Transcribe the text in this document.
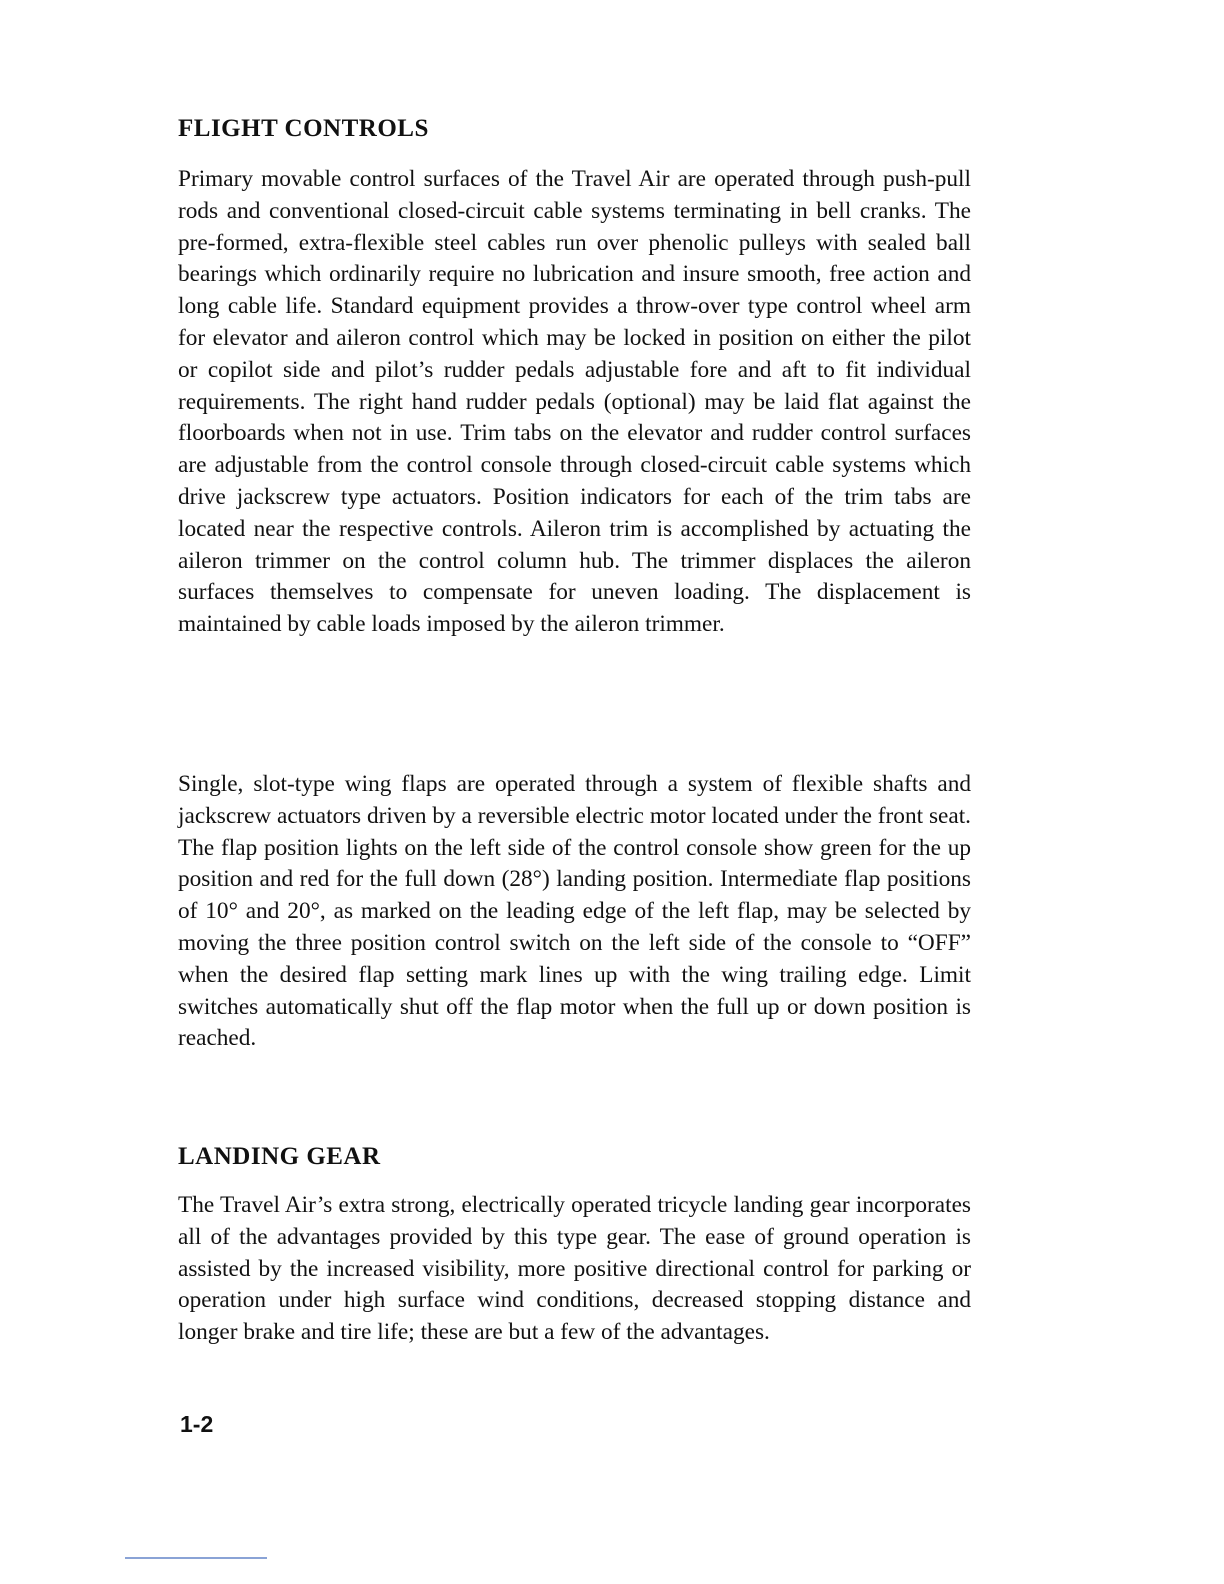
FLIGHT CONTROLS

Primary movable control surfaces of the Travel Air are operated through push-pull rods and conventional closed-circuit cable systems terminating in bell cranks. The pre-formed, extra-flexible steel cables run over phenolic pulleys with sealed ball bearings which ordinarily require no lubrication and insure smooth, free action and long cable life. Standard equipment provides a throw-over type control wheel arm for elevator and aileron control which may be locked in position on either the pilot or copilot side and pilot’s rudder pedals adjustable fore and aft to fit individual requirements. The right hand rudder pedals (optional) may be laid flat against the floorboards when not in use. Trim tabs on the elevator and rudder control surfaces are adjustable from the control console through closed-circuit cable systems which drive jackscrew type actuators. Position indicators for each of the trim tabs are located near the respective controls. Aileron trim is accomplished by actuating the aileron trimmer on the control column hub. The trimmer displaces the aileron surfaces themselves to compensate for uneven loading. The displacement is maintained by cable loads imposed by the aileron trimmer.

Single, slot-type wing flaps are operated through a system of flexible shafts and jackscrew actuators driven by a reversible electric motor located under the front seat. The flap position lights on the left side of the control console show green for the up position and red for the full down (28°) landing position. Intermediate flap positions of 10° and 20°, as marked on the leading edge of the left flap, may be selected by moving the three position control switch on the left side of the console to “OFF” when the desired flap setting mark lines up with the wing trailing edge. Limit switches automatically shut off the flap motor when the full up or down position is reached.

LANDING GEAR

The Travel Air’s extra strong, electrically operated tricycle landing gear incorporates all of the advantages provided by this type gear. The ease of ground operation is assisted by the increased visibility, more positive directional control for parking or operation under high surface wind conditions, decreased stopping distance and longer brake and tire life; these are but a few of the advantages.

1-2
